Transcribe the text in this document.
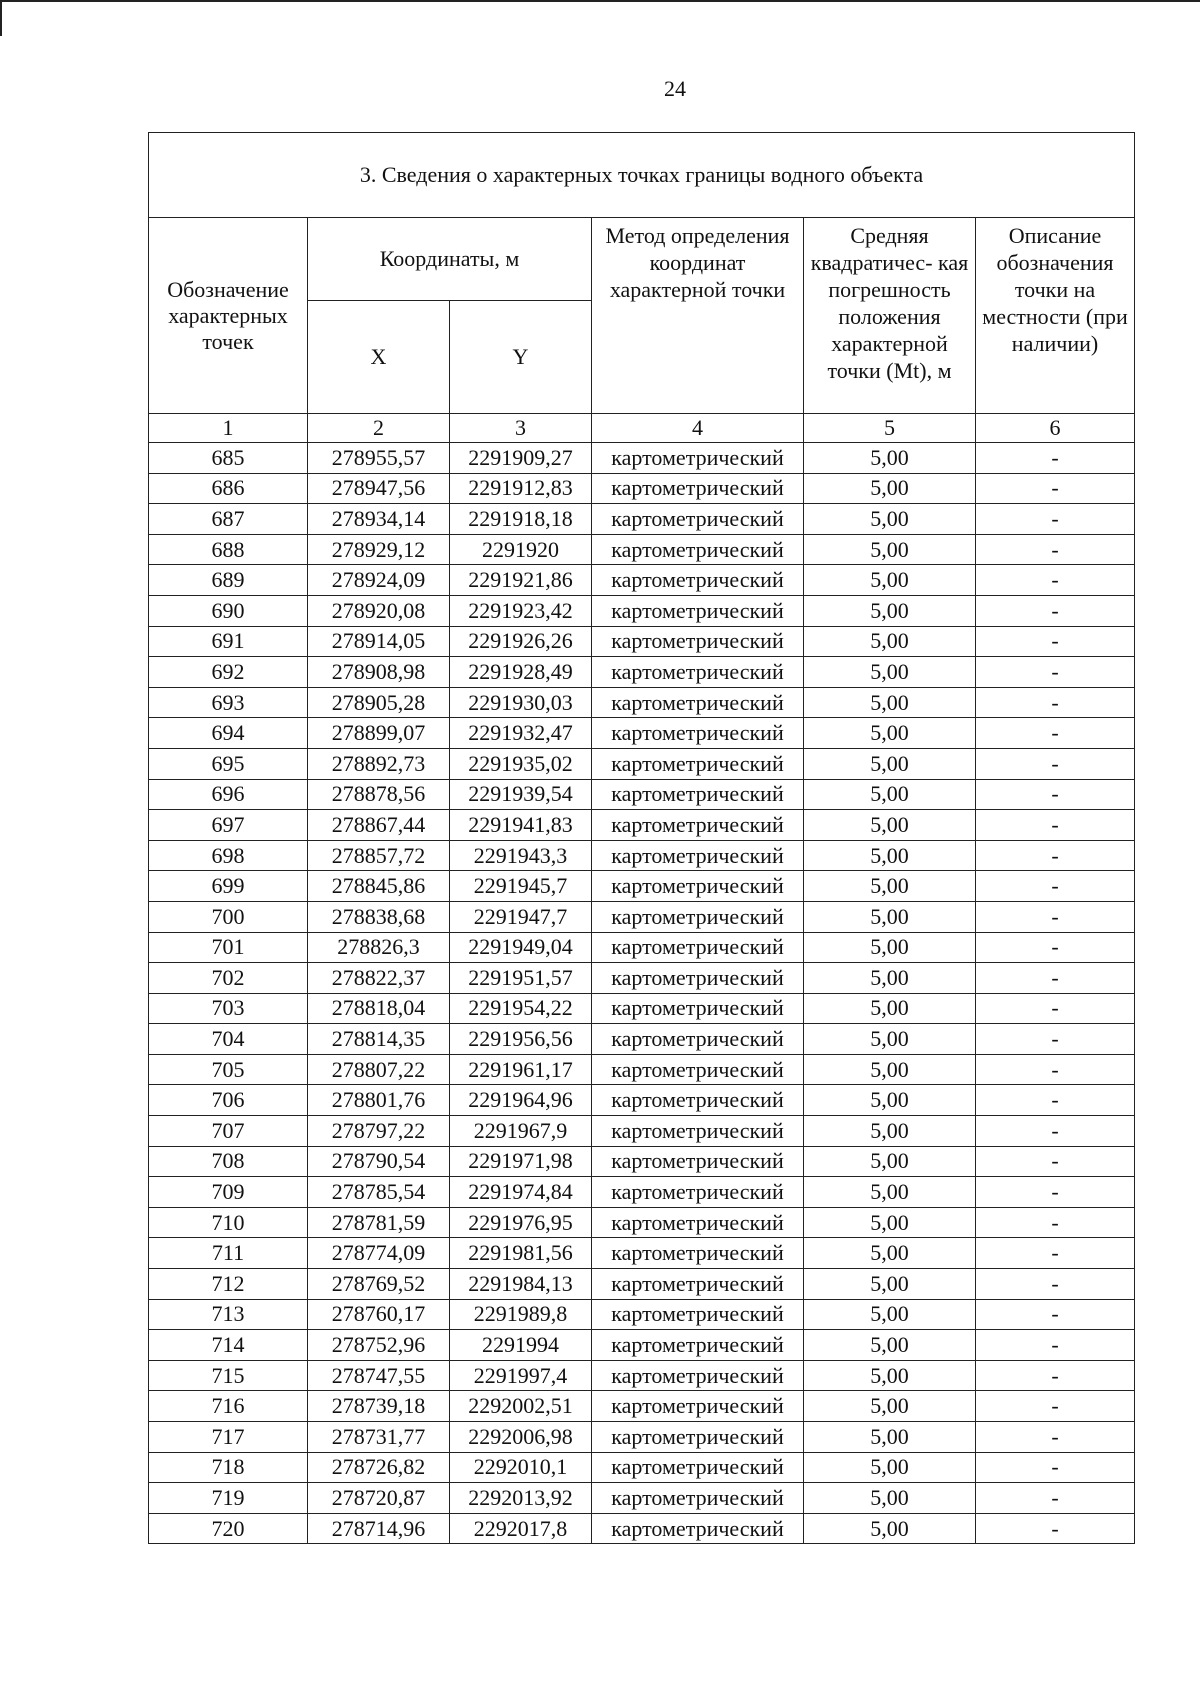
24
3. Сведения о характерных точках границы водного объекта					
Обозначение характерных точек	Координаты, м		Метод определения координат характерной точки	Средняя квадратичес- кая погрешность положения характерной точки (Mt), м	Описание обозначения точки на местности (при наличии)
	X	Y			
1	2	3	4	5	6
685	278955,57	2291909,27	картометрический	5,00	-
686	278947,56	2291912,83	картометрический	5,00	-
687	278934,14	2291918,18	картометрический	5,00	-
688	278929,12	2291920	картометрический	5,00	-
689	278924,09	2291921,86	картометрический	5,00	-
690	278920,08	2291923,42	картометрический	5,00	-
691	278914,05	2291926,26	картометрический	5,00	-
692	278908,98	2291928,49	картометрический	5,00	-
693	278905,28	2291930,03	картометрический	5,00	-
694	278899,07	2291932,47	картометрический	5,00	-
695	278892,73	2291935,02	картометрический	5,00	-
696	278878,56	2291939,54	картометрический	5,00	-
697	278867,44	2291941,83	картометрический	5,00	-
698	278857,72	2291943,3	картометрический	5,00	-
699	278845,86	2291945,7	картометрический	5,00	-
700	278838,68	2291947,7	картометрический	5,00	-
701	278826,3	2291949,04	картометрический	5,00	-
702	278822,37	2291951,57	картометрический	5,00	-
703	278818,04	2291954,22	картометрический	5,00	-
704	278814,35	2291956,56	картометрический	5,00	-
705	278807,22	2291961,17	картометрический	5,00	-
706	278801,76	2291964,96	картометрический	5,00	-
707	278797,22	2291967,9	картометрический	5,00	-
708	278790,54	2291971,98	картометрический	5,00	-
709	278785,54	2291974,84	картометрический	5,00	-
710	278781,59	2291976,95	картометрический	5,00	-
711	278774,09	2291981,56	картометрический	5,00	-
712	278769,52	2291984,13	картометрический	5,00	-
713	278760,17	2291989,8	картометрический	5,00	-
714	278752,96	2291994	картометрический	5,00	-
715	278747,55	2291997,4	картометрический	5,00	-
716	278739,18	2292002,51	картометрический	5,00	-
717	278731,77	2292006,98	картометрический	5,00	-
718	278726,82	2292010,1	картометрический	5,00	-
719	278720,87	2292013,92	картометрический	5,00	-
720	278714,96	2292017,8	картометрический	5,00	-
